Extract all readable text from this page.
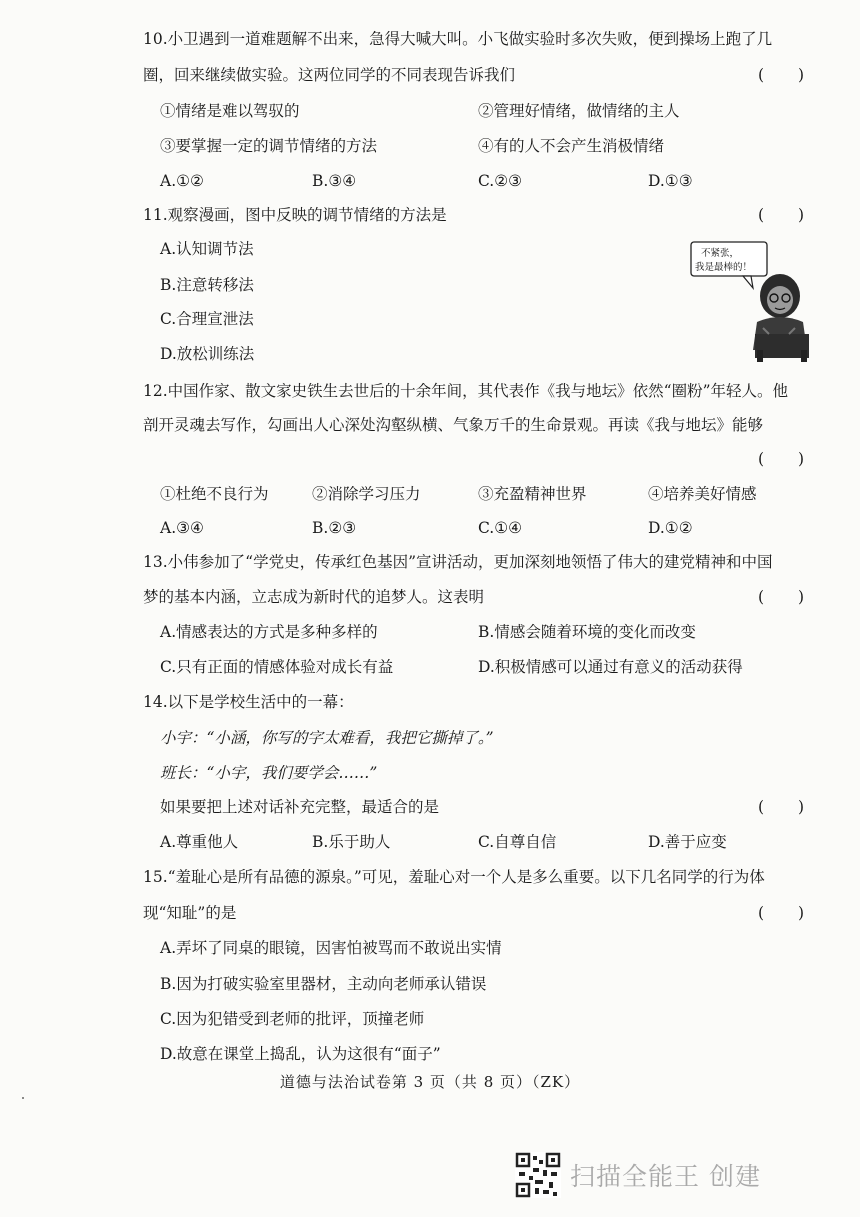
10.小卫遇到一道难题解不出来，急得大喊大叫。小飞做实验时多次失败，便到操场上跑了几
圈，回来继续做实验。这两位同学的不同表现告诉我们	()
①情绪是难以驾驭的	②管理好情绪，做情绪的主人
③要掌握一定的调节情绪的方法	④有的人不会产生消极情绪
A.①②	B.③④	C.②③	D.①③
11.观察漫画，图中反映的调节情绪的方法是	()
A.认知调节法
B.注意转移法
C.合理宣泄法
D.放松训练法
不紧张，
我是最棒的！
12.中国作家、散文家史铁生去世后的十余年间，其代表作《我与地坛》依然“圈粉”年轻人。他
剖开灵魂去写作，勾画出人心深处沟壑纵横、气象万千的生命景观。再读《我与地坛》能够
()
①杜绝不良行为	②消除学习压力	③充盈精神世界	④培养美好情感
A.③④	B.②③	C.①④	D.①②
13.小伟参加了“学党史，传承红色基因”宣讲活动，更加深刻地领悟了伟大的建党精神和中国
梦的基本内涵，立志成为新时代的追梦人。这表明	()
A.情感表达的方式是多种多样的	B.情感会随着环境的变化而改变
C.只有正面的情感体验对成长有益	D.积极情感可以通过有意义的活动获得
14.以下是学校生活中的一幕：
小宇：“小涵，你写的字太难看，我把它撕掉了。”
班长：“小宇，我们要学会……”
如果要把上述对话补充完整，最适合的是	()
A.尊重他人	B.乐于助人	C.自尊自信	D.善于应变
15.“羞耻心是所有品德的源泉。”可见，羞耻心对一个人是多么重要。以下几名同学的行为体
现“知耻”的是	()
A.弄坏了同桌的眼镜，因害怕被骂而不敢说出实情
B.因为打破实验室里器材，主动向老师承认错误
C.因为犯错受到老师的批评，顶撞老师
D.故意在课堂上捣乱，认为这很有“面子”
道德与法治试卷第 3 页（共 8 页）（ZK）
扫描全能王 创建
